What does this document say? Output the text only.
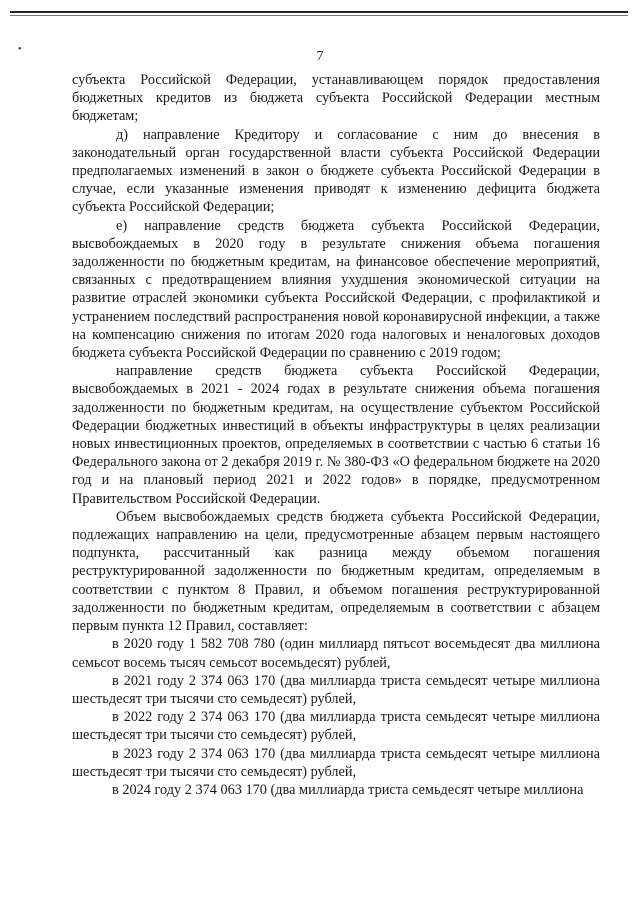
•	7

субъекта Российской Федерации, устанавливающем порядок предоставления бюджетных кредитов из бюджета субъекта Российской Федерации местным бюджетам;

д) направление Кредитору и согласование с ним до внесения в законодательный орган государственной власти субъекта Российской Федерации предполагаемых изменений в закон о бюджете субъекта Российской Федерации в случае, если указанные изменения приводят к изменению дефицита бюджета субъекта Российской Федерации;

е) направление средств бюджета субъекта Российской Федерации, высвобождаемых в 2020 году в результате снижения объема погашения задолженности по бюджетным кредитам, на финансовое обеспечение мероприятий, связанных с предотвращением влияния ухудшения экономической ситуации на развитие отраслей экономики субъекта Российской Федерации, с профилактикой и устранением последствий распространения новой коронавирусной инфекции, а также на компенсацию снижения по итогам 2020 года налоговых и неналоговых доходов бюджета субъекта Российской Федерации по сравнению с 2019 годом;

направление средств бюджета субъекта Российской Федерации, высвобождаемых в 2021 - 2024 годах в результате снижения объема погашения задолженности по бюджетным кредитам, на осуществление субъектом Российской Федерации бюджетных инвестиций в объекты инфраструктуры в целях реализации новых инвестиционных проектов, определяемых в соответствии с частью 6 статьи 16 Федерального закона от 2 декабря 2019 г. № 380-ФЗ «О федеральном бюджете на 2020 год и на плановый период 2021 и 2022 годов» в порядке, предусмотренном Правительством Российской Федерации.

Объем высвобождаемых средств бюджета субъекта Российской Федерации, подлежащих направлению на цели, предусмотренные абзацем первым настоящего подпункта, рассчитанный как разница между объемом погашения реструктурированной задолженности по бюджетным кредитам, определяемым в соответствии с пунктом 8 Правил, и объемом погашения реструктурированной задолженности по бюджетным кредитам, определяемым в соответствии с абзацем первым пункта 12 Правил, составляет:

в 2020 году 1 582 708 780 (один миллиард пятьсот восемьдесят два миллиона семьсот восемь тысяч семьсот восемьдесят) рублей,

в 2021 году 2 374 063 170 (два миллиарда триста семьдесят четыре миллиона шестьдесят три тысячи сто семьдесят) рублей,

в 2022 году 2 374 063 170 (два миллиарда триста семьдесят четыре миллиона шестьдесят три тысячи сто семьдесят) рублей,

в 2023 году 2 374 063 170 (два миллиарда триста семьдесят четыре миллиона шестьдесят три тысячи сто семьдесят) рублей,

в 2024 году 2 374 063 170 (два миллиарда триста семьдесят четыре миллиона
